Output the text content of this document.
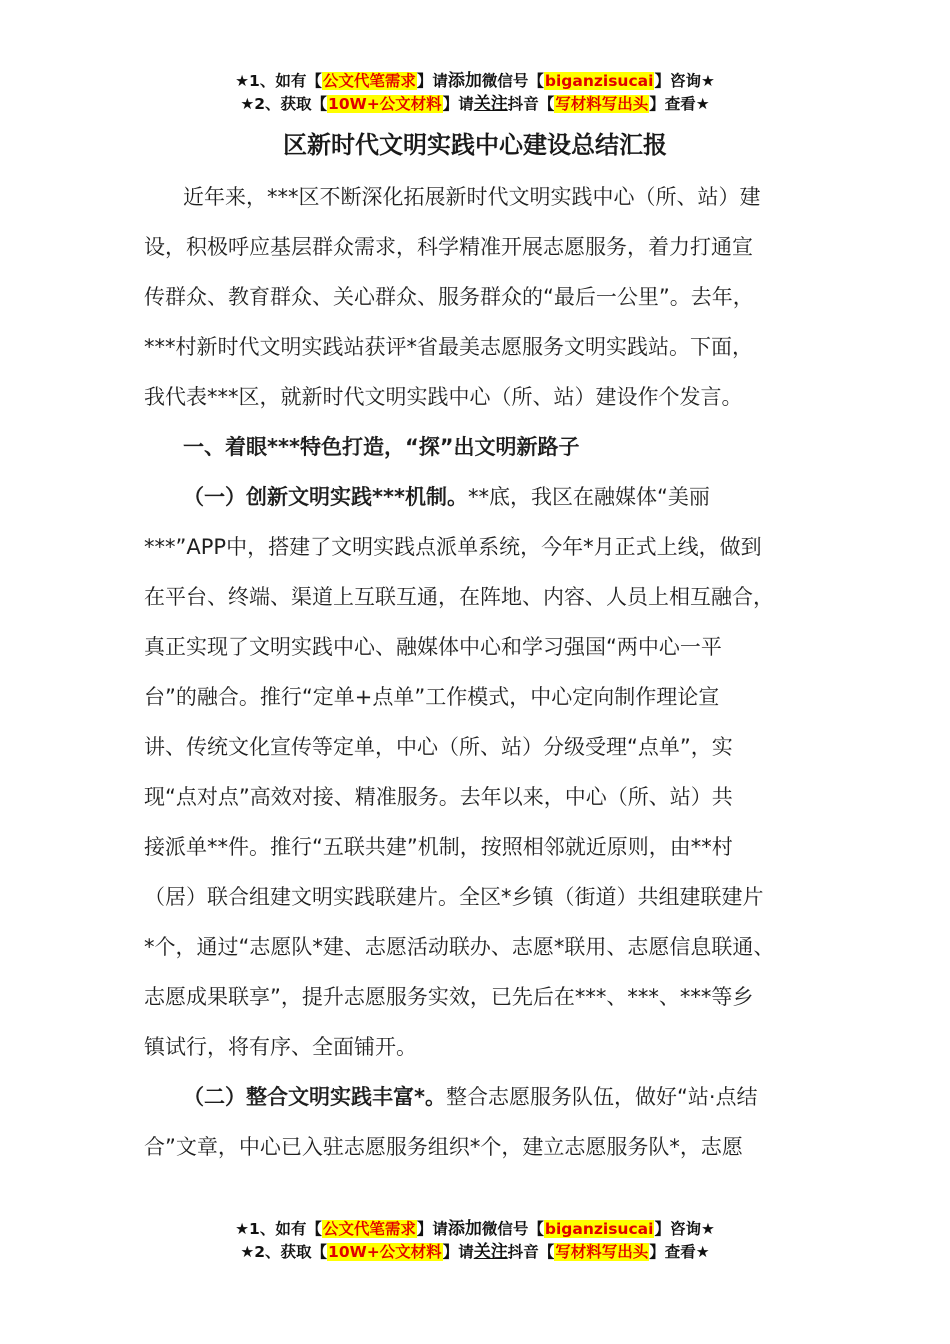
★1、如有【公文代笔需求】请添加微信号【biganzisucai】咨询★
★2、获取【10W+公文材料】请关注抖音【写材料写出头】查看★
区新时代文明实践中心建设总结汇报
近年来，***区不断深化拓展新时代文明实践中心（所、站）建
设，积极呼应基层群众需求，科学精准开展志愿服务，着力打通宣
传群众、教育群众、关心群众、服务群众的“最后一公里”。去年，
***村新时代文明实践站获评*省最美志愿服务文明实践站。下面，
我代表***区，就新时代文明实践中心（所、站）建设作个发言。
一、着眼***特色打造，“探”出文明新路子
（一）创新文明实践***机制。**底，我区在融媒体“美丽
***”APP中，搭建了文明实践点派单系统，今年*月正式上线，做到
在平台、终端、渠道上互联互通，在阵地、内容、人员上相互融合，
真正实现了文明实践中心、融媒体中心和学习强国“两中心一平
台”的融合。推行“定单+点单”工作模式，中心定向制作理论宣
讲、传统文化宣传等定单，中心（所、站）分级受理“点单”，实
现“点对点”高效对接、精准服务。去年以来，中心（所、站）共
接派单**件。推行“五联共建”机制，按照相邻就近原则，由**村
（居）联合组建文明实践联建片。全区*乡镇（街道）共组建联建片
*个，通过“志愿队*建、志愿活动联办、志愿*联用、志愿信息联通、
志愿成果联享”，提升志愿服务实效，已先后在***、***、***等乡
镇试行，将有序、全面铺开。
（二）整合文明实践丰富*。整合志愿服务队伍，做好“站·点结
合”文章，中心已入驻志愿服务组织*个，建立志愿服务队*，志愿
★1、如有【公文代笔需求】请添加微信号【biganzisucai】咨询★
★2、获取【10W+公文材料】请关注抖音【写材料写出头】查看★
